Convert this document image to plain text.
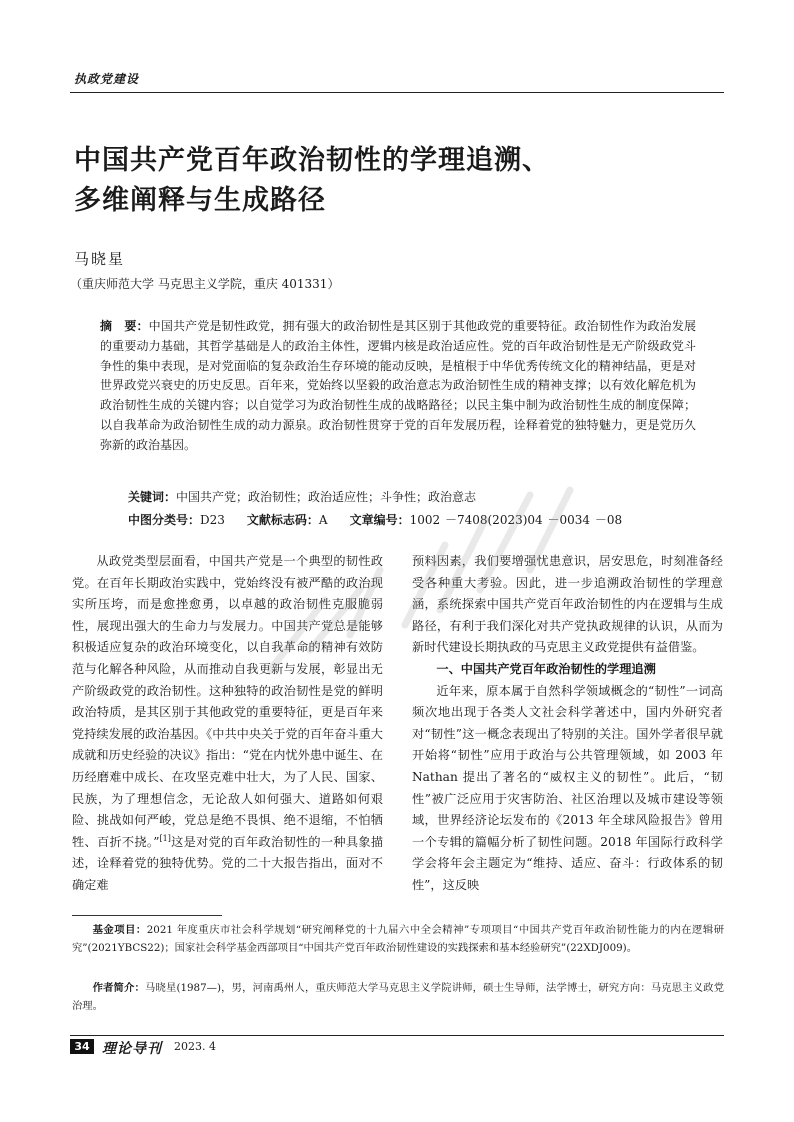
执政党建设
中国共产党百年政治韧性的学理追溯、
多维阐释与生成路径
马晓星
（重庆师范大学 马克思主义学院，重庆 401331）
摘　要：中国共产党是韧性政党，拥有强大的政治韧性是其区别于其他政党的重要特征。政治韧性作为政治发展的重要动力基础，其哲学基础是人的政治主体性，逻辑内核是政治适应性。党的百年政治韧性是无产阶级政党斗争性的集中表现，是对党面临的复杂政治生存环境的能动反映，是植根于中华优秀传统文化的精神结晶，更是对世界政党兴衰史的历史反思。百年来，党始终以坚毅的政治意志为政治韧性生成的精神支撑；以有效化解危机为政治韧性生成的关键内容；以自觉学习为政治韧性生成的战略路径；以民主集中制为政治韧性生成的制度保障；以自我革命为政治韧性生成的动力源泉。政治韧性贯穿于党的百年发展历程，诠释着党的独特魅力，更是党历久弥新的政治基因。
关键词：中国共产党；政治韧性；政治适应性；斗争性；政治意志
中图分类号：D23 文献标志码：A 文章编号：1002 －7408(2023)04 －0034 －08

从政党类型层面看，中国共产党是一个典型的韧性政党。在百年长期政治实践中，党始终没有被严酷的政治现实所压垮，而是愈挫愈勇，以卓越的政治韧性克服脆弱性，展现出强大的生命力与发展力。中国共产党总是能够积极适应复杂的政治环境变化，以自我革命的精神有效防范与化解各种风险，从而推动自我更新与发展，彰显出无产阶级政党的政治韧性。这种独特的政治韧性是党的鲜明政治特质，是其区别于其他政党的重要特征，更是百年来党持续发展的政治基因。《中共中央关于党的百年奋斗重大成就和历史经验的决议》指出：“党在内忧外患中诞生、在历经磨难中成长、在攻坚克难中壮大，为了人民、国家、民族，为了理想信念，无论敌人如何强大、道路如何艰险、挑战如何严峻，党总是绝不畏惧、绝不退缩，不怕牺牲、百折不挠。”[1]这是对党的百年政治韧性的一种具象描述，诠释着党的独特优势。党的二十大报告指出，面对不确定难

预料因素，我们要增强忧患意识，居安思危，时刻准备经受各种重大考验。因此，进一步追溯政治韧性的学理意涵，系统探索中国共产党百年政治韧性的内在逻辑与生成路径，有利于我们深化对共产党执政规律的认识，从而为新时代建设长期执政的马克思主义政党提供有益借鉴。

一、中国共产党百年政治韧性的学理追溯

近年来，原本属于自然科学领域概念的“韧性”一词高频次地出现于各类人文社会科学著述中，国内外研究者对“韧性”这一概念表现出了特别的关注。国外学者很早就开始将“韧性”应用于政治与公共管理领域，如 2003 年 Nathan 提出了著名的“威权主义的韧性”。此后，“韧性”被广泛应用于灾害防治、社区治理以及城市建设等领域，世界经济论坛发布的《2013 年全球风险报告》曾用一个专辑的篇幅分析了韧性问题。2018 年国际行政科学学会将年会主题定为“维持、适应、奋斗：行政体系的韧性”，这反映

基金项目：2021 年度重庆市社会科学规划“研究阐释党的十九届六中全会精神”专项项目“中国共产党百年政治韧性能力的内在逻辑研究”(2021YBCS22)；国家社会科学基金西部项目“中国共产党百年政治韧性建设的实践探索和基本经验研究”(22XDJ009)。
作者简介：马晓星(1987—)，男，河南禹州人，重庆师范大学马克思主义学院讲师，硕士生导师，法学博士，研究方向：马克思主义政党治理。
34 理论导刊 2023. 4
